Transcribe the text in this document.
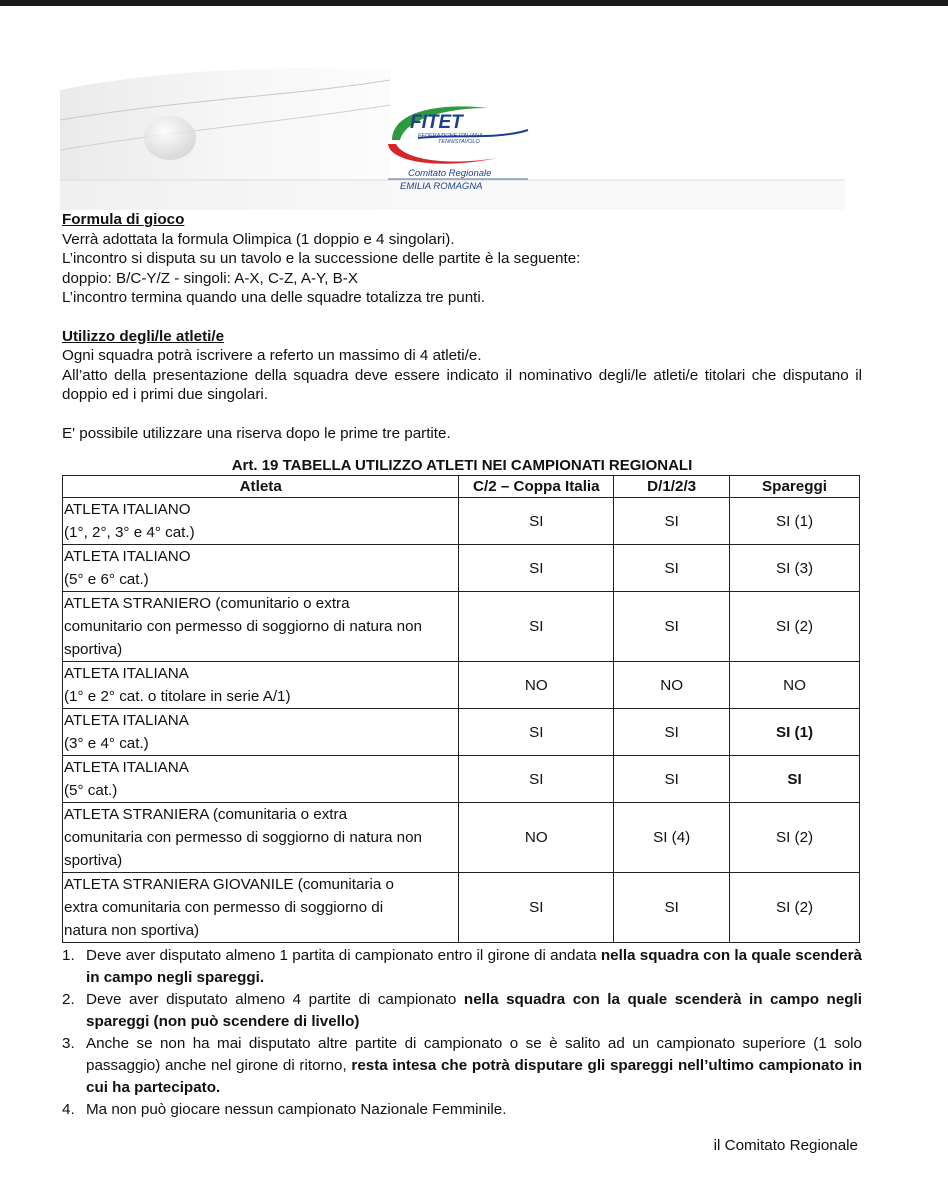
FITET
FEDERAZIONE ITALIANA
TENNISTAVOLO
Comitato Regionale
EMILIA ROMAGNA
Formula di gioco
Verrà adottata la formula Olimpica (1 doppio e 4 singolari).
L’incontro si disputa su un tavolo e la successione delle partite è la seguente:
doppio: B/C-Y/Z - singoli: A-X, C-Z, A-Y, B-X
L’incontro termina quando una delle squadre totalizza tre punti.
Utilizzo degli/le atleti/e
Ogni squadra potrà iscrivere a referto un massimo di 4 atleti/e.
All’atto della presentazione della squadra deve essere indicato il nominativo degli/le atleti/e titolari che disputano il doppio ed i primi due singolari.
E' possibile utilizzare una riserva dopo le prime tre partite.
Art. 19 TABELLA UTILIZZO ATLETI NEI CAMPIONATI REGIONALI
Atleta	C/2 – Coppa Italia	D/1/2/3	Spareggi

ATLETA ITALIANO
(1°, 2°, 3° e 4° cat.)	SI	SI	SI (1)

ATLETA ITALIANO
(5° e 6° cat.)	SI	SI	SI (3)

ATLETA STRANIERO (comunitario o extra
comunitario con permesso di soggiorno di natura non
sportiva)	SI	SI	SI (2)

ATLETA ITALIANA
(1° e 2° cat. o titolare in serie A/1)	NO	NO	NO

ATLETA ITALIANA
(3° e 4° cat.)	SI	SI	SI (1)

ATLETA ITALIANA
(5° cat.)	SI	SI	SI

ATLETA STRANIERA (comunitaria o extra
comunitaria con permesso di soggiorno di natura non
sportiva)	NO	SI (4)	SI (2)

ATLETA STRANIERA GIOVANILE (comunitaria o
extra comunitaria con permesso di soggiorno di
natura non sportiva)	SI	SI	SI (2)
1. Deve aver disputato almeno 1 partita di campionato entro il girone di andata nella squadra con la quale scenderà in campo negli spareggi.
2. Deve aver disputato almeno 4 partite di campionato nella squadra con la quale scenderà in campo negli spareggi (non può scendere di livello)
3. Anche se non ha mai disputato altre partite di campionato o se è salito ad un campionato superiore (1 solo passaggio) anche nel girone di ritorno, resta intesa che potrà disputare gli spareggi nell’ultimo campionato in cui ha partecipato.
4. Ma non può giocare nessun campionato Nazionale Femminile.
il Comitato Regionale
